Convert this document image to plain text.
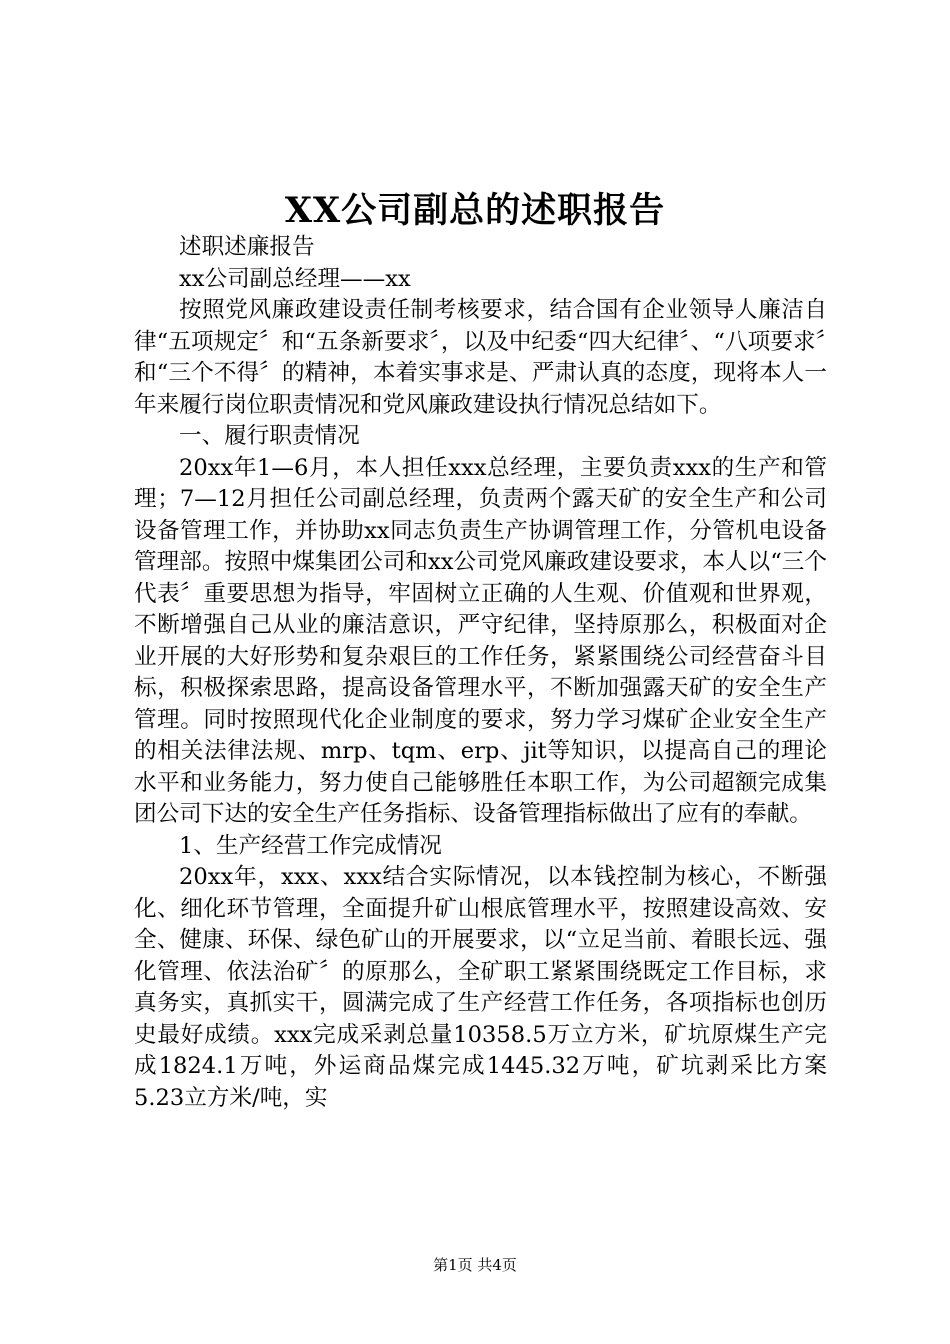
XX公司副总的述职报告

述职述廉报告

xx公司副总经理——xx

按照党风廉政建设责任制考核要求，结合国有企业领导人廉洁自律“五项规定〞和“五条新要求〞，以及中纪委“四大纪律〞、“八项要求〞和“三个不得〞的精神，本着实事求是、严肃认真的态度，现将本人一年来履行岗位职责情况和党风廉政建设执行情况总结如下。

一、履行职责情况

20xx年1—6月，本人担任xxx总经理，主要负责xxx的生产和管理；7—12月担任公司副总经理，负责两个露天矿的安全生产和公司设备管理工作，并协助xx同志负责生产协调管理工作，分管机电设备管理部。按照中煤集团公司和xx公司党风廉政建设要求，本人以“三个代表〞重要思想为指导，牢固树立正确的人生观、价值观和世界观，不断增强自己从业的廉洁意识，严守纪律，坚持原那么，积极面对企业开展的大好形势和复杂艰巨的工作任务，紧紧围绕公司经营奋斗目标，积极探索思路，提高设备管理水平，不断加强露天矿的安全生产管理。同时按照现代化企业制度的要求，努力学习煤矿企业安全生产的相关法律法规、mrp、tqm、erp、jit等知识，以提高自己的理论水平和业务能力，努力使自己能够胜任本职工作，为公司超额完成集团公司下达的安全生产任务指标、设备管理指标做出了应有的奉献。

1、生产经营工作完成情况

20xx年，xxx、xxx结合实际情况，以本钱控制为核心，不断强化、细化环节管理，全面提升矿山根底管理水平，按照建设高效、安全、健康、环保、绿色矿山的开展要求，以“立足当前、着眼长远、强化管理、依法治矿〞的原那么，全矿职工紧紧围绕既定工作目标，求真务实，真抓实干，圆满完成了生产经营工作任务，各项指标也创历史最好成绩。xxx完成采剥总量10358.5万立方米，矿坑原煤生产完成1824.1万吨，外运商品煤完成1445.32万吨，矿坑剥采比方案5.23立方米/吨，实

第1页 共4页
